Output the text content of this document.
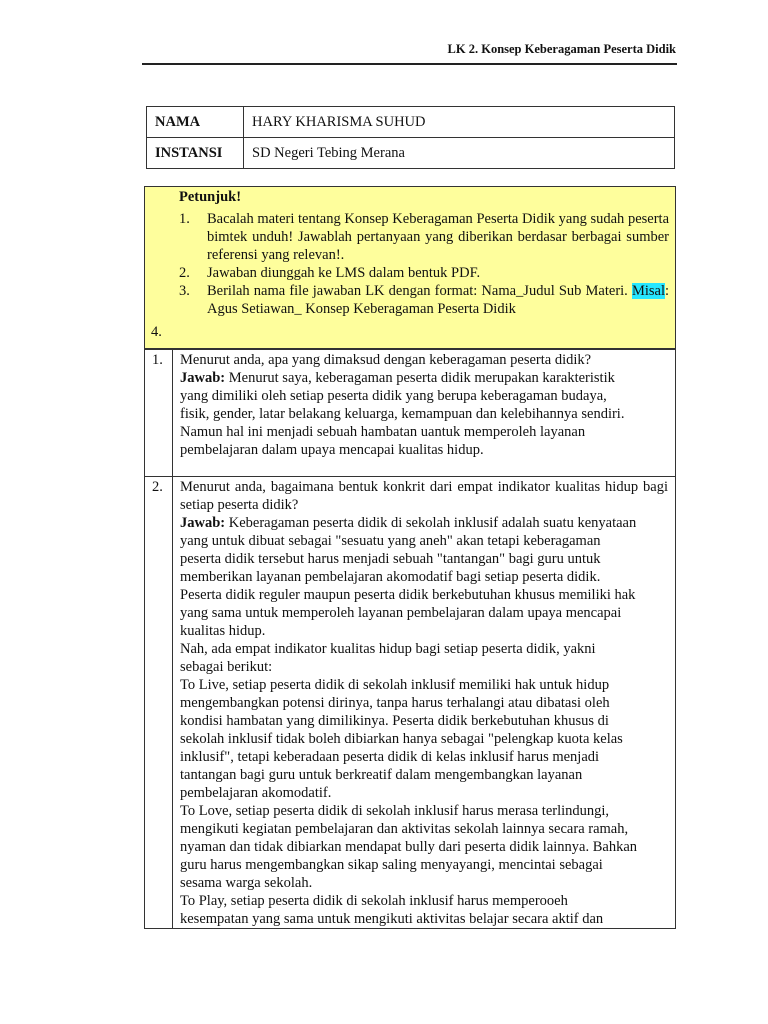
LK 2. Konsep Keberagaman Peserta Didik
NAMA	HARY KHARISMA SUHUD
INSTANSI	SD Negeri Tebing Merana
Petunjuk!
1. Bacalah materi tentang Konsep Keberagaman Peserta Didik yang sudah peserta bimtek unduh! Jawablah pertanyaan yang diberikan berdasar berbagai sumber referensi yang relevan!.
2. Jawaban diunggah ke LMS dalam bentuk PDF.
3. Berilah nama file jawaban LK dengan format: Nama_Judul Sub Materi. Misal: Agus Setiawan_ Konsep Keberagaman Peserta Didik
4.
1.	Menurut anda, apa yang dimaksud dengan keberagaman peserta didik?

Jawab: Menurut saya, keberagaman peserta didik merupakan karakteristik

yang dimiliki oleh setiap peserta didik yang berupa keberagaman budaya,

fisik, gender, latar belakang keluarga, kemampuan dan kelebihannya sendiri.

Namun hal ini menjadi sebuah hambatan uantuk memperoleh layanan

pembelajaran dalam upaya mencapai kualitas hidup.

2.	Menurut anda, bagaimana bentuk konkrit dari empat indikator kualitas hidup bagi setiap peserta didik?

Jawab: Keberagaman peserta didik di sekolah inklusif adalah suatu kenyataan

yang untuk dibuat sebagai "sesuatu yang aneh" akan tetapi keberagaman

peserta didik tersebut harus menjadi sebuah "tantangan" bagi guru untuk

memberikan layanan pembelajaran akomodatif bagi setiap peserta didik.

Peserta didik reguler maupun peserta didik berkebutuhan khusus memiliki hak

yang sama untuk memperoleh layanan pembelajaran dalam upaya mencapai

kualitas hidup.

Nah, ada empat indikator kualitas hidup bagi setiap peserta didik, yakni

sebagai berikut:

To Live, setiap peserta didik di sekolah inklusif memiliki hak untuk hidup

mengembangkan potensi dirinya, tanpa harus terhalangi atau dibatasi oleh

kondisi hambatan yang dimilikinya. Peserta didik berkebutuhan khusus di

sekolah inklusif tidak boleh dibiarkan hanya sebagai "pelengkap kuota kelas

inklusif", tetapi keberadaan peserta didik di kelas inklusif harus menjadi

tantangan bagi guru untuk berkreatif dalam mengembangkan layanan

pembelajaran akomodatif.

To Love, setiap peserta didik di sekolah inklusif harus merasa terlindungi,

mengikuti kegiatan pembelajaran dan aktivitas sekolah lainnya secara ramah,

nyaman dan tidak dibiarkan mendapat bully dari peserta didik lainnya. Bahkan

guru harus mengembangkan sikap saling menyayangi, mencintai sebagai

sesama warga sekolah.

To Play, setiap peserta didik di sekolah inklusif harus memperooeh

kesempatan yang sama untuk mengikuti aktivitas belajar secara aktif dan
